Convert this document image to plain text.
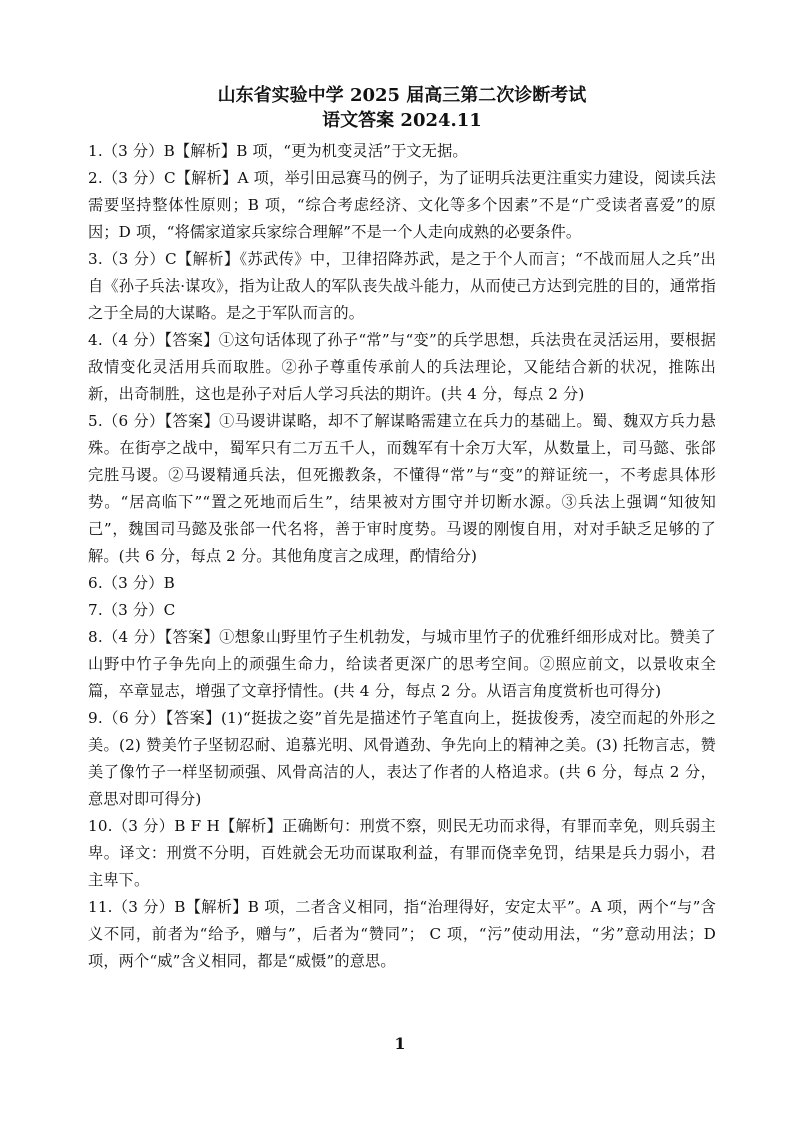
山东省实验中学 2025 届高三第二次诊断考试
语文答案 2024.11

1.（3 分）B【解析】B 项，“更为机变灵活”于文无据。

2.（3 分）C【解析】A 项，举引田忌赛马的例子，为了证明兵法更注重实力建设，阅读兵法需要坚持整体性原则；B 项，“综合考虑经济、文化等多个因素”不是“广受读者喜爱”的原因；D 项，“将儒家道家兵家综合理解”不是一个人走向成熟的必要条件。

3.（3 分）C【解析】《苏武传》中，卫律招降苏武，是之于个人而言；“不战而屈人之兵”出自《孙子兵法·谋攻》，指为让敌人的军队丧失战斗能力，从而使己方达到完胜的目的，通常指之于全局的大谋略。是之于军队而言的。

4.（4 分）【答案】①这句话体现了孙子“常”与“变”的兵学思想，兵法贵在灵活运用，要根据敌情变化灵活用兵而取胜。②孙子尊重传承前人的兵法理论，又能结合新的状况，推陈出新，出奇制胜，这也是孙子对后人学习兵法的期许。(共 4 分，每点 2 分)

5.（6 分）【答案】①马谡讲谋略，却不了解谋略需建立在兵力的基础上。蜀、魏双方兵力悬殊。在街亭之战中，蜀军只有二万五千人，而魏军有十余万大军，从数量上，司马懿、张郃完胜马谡。②马谡精通兵法，但死搬教条，不懂得“常”与“变”的辩证统一，不考虑具体形势。“居高临下”“置之死地而后生”，结果被对方围守并切断水源。③兵法上强调“知彼知己”，魏国司马懿及张郃一代名将，善于审时度势。马谡的刚愎自用，对对手缺乏足够的了解。(共 6 分，每点 2 分。其他角度言之成理，酌情给分)

6.（3 分）B

7.（3 分）C

8.（4 分）【答案】①想象山野里竹子生机勃发，与城市里竹子的优雅纤细形成对比。赞美了山野中竹子争先向上的顽强生命力，给读者更深广的思考空间。②照应前文，以景收束全篇，卒章显志，增强了文章抒情性。(共 4 分，每点 2 分。从语言角度赏析也可得分)

9.（6 分）【答案】(1)“挺拔之姿”首先是描述竹子笔直向上，挺拔俊秀，凌空而起的外形之美。(2) 赞美竹子坚韧忍耐、追慕光明、风骨遒劲、争先向上的精神之美。(3) 托物言志，赞美了像竹子一样坚韧顽强、风骨高洁的人，表达了作者的人格追求。(共 6 分，每点 2 分，意思对即可得分)

10.（3 分）B F H【解析】正确断句：刑赏不察，则民无功而求得，有罪而幸免，则兵弱主卑。译文：刑赏不分明，百姓就会无功而谋取利益，有罪而侥幸免罚，结果是兵力弱小，君主卑下。

11.（3 分）B【解析】B 项，二者含义相同，指“治理得好，安定太平”。A 项，两个“与”含义不同，前者为“给予，赠与”，后者为“赞同”； C 项，“污”使动用法，“劣”意动用法；D 项，两个“威”含义相同，都是“威慑”的意思。

1
